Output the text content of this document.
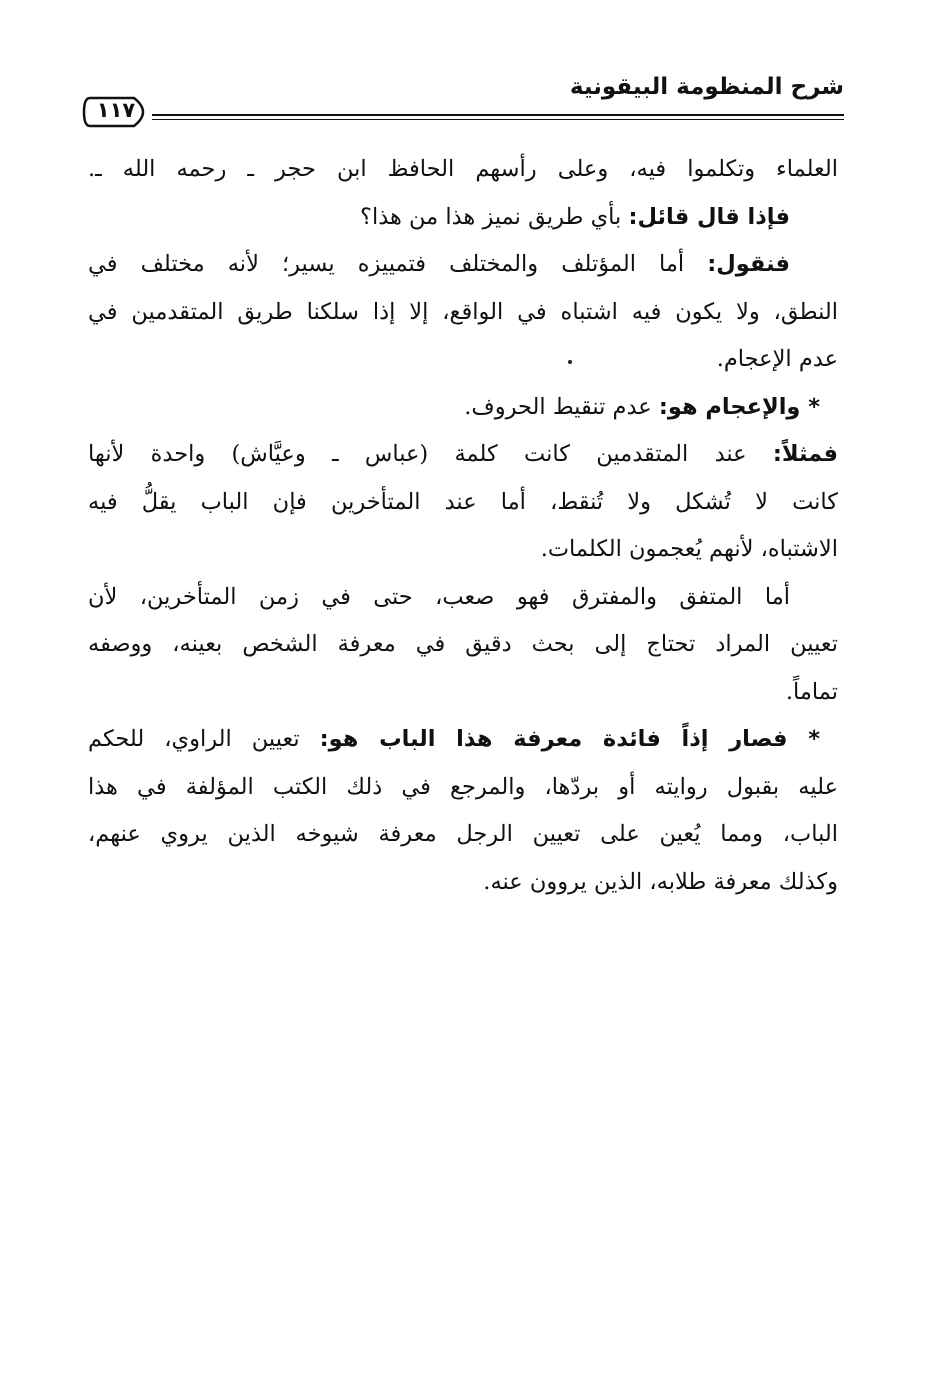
شرح المنظومة البيقونية
١١٧
العلماء وتكلموا فيه، وعلى رأسهم الحافظ ابن حجر ـ رحمه الله ـ.
فإذا قال قائل: بأي طريق نميز هذا من هذا؟
فنقول: أما المؤتلف والمختلف فتمييزه يسير؛ لأنه مختلف في
النطق، ولا يكون فيه اشتباه في الواقع، إلا إذا سلكنا طريق المتقدمين في
عدم الإعجام.
* والإعجام هو: عدم تنقيط الحروف.
فمثلاً: عند المتقدمين كانت كلمة (عباس ـ وعيَّاش) واحدة لأنها
كانت لا تُشكل ولا تُنقط، أما عند المتأخرين فإن الباب يقلُّ فيه
الاشتباه، لأنهم يُعجمون الكلمات.
أما المتفق والمفترق فهو صعب، حتى في زمن المتأخرين، لأن
تعيين المراد تحتاج إلى بحث دقيق في معرفة الشخص بعينه، ووصفه
تماماً.
* فصار إذاً فائدة معرفة هذا الباب هو: تعيين الراوي، للحكم
عليه بقبول روايته أو بردّها، والمرجع في ذلك الكتب المؤلفة في هذا
الباب، ومما يُعين على تعيين الرجل معرفة شيوخه الذين يروي عنهم،
وكذلك معرفة طلابه، الذين يروون عنه.
